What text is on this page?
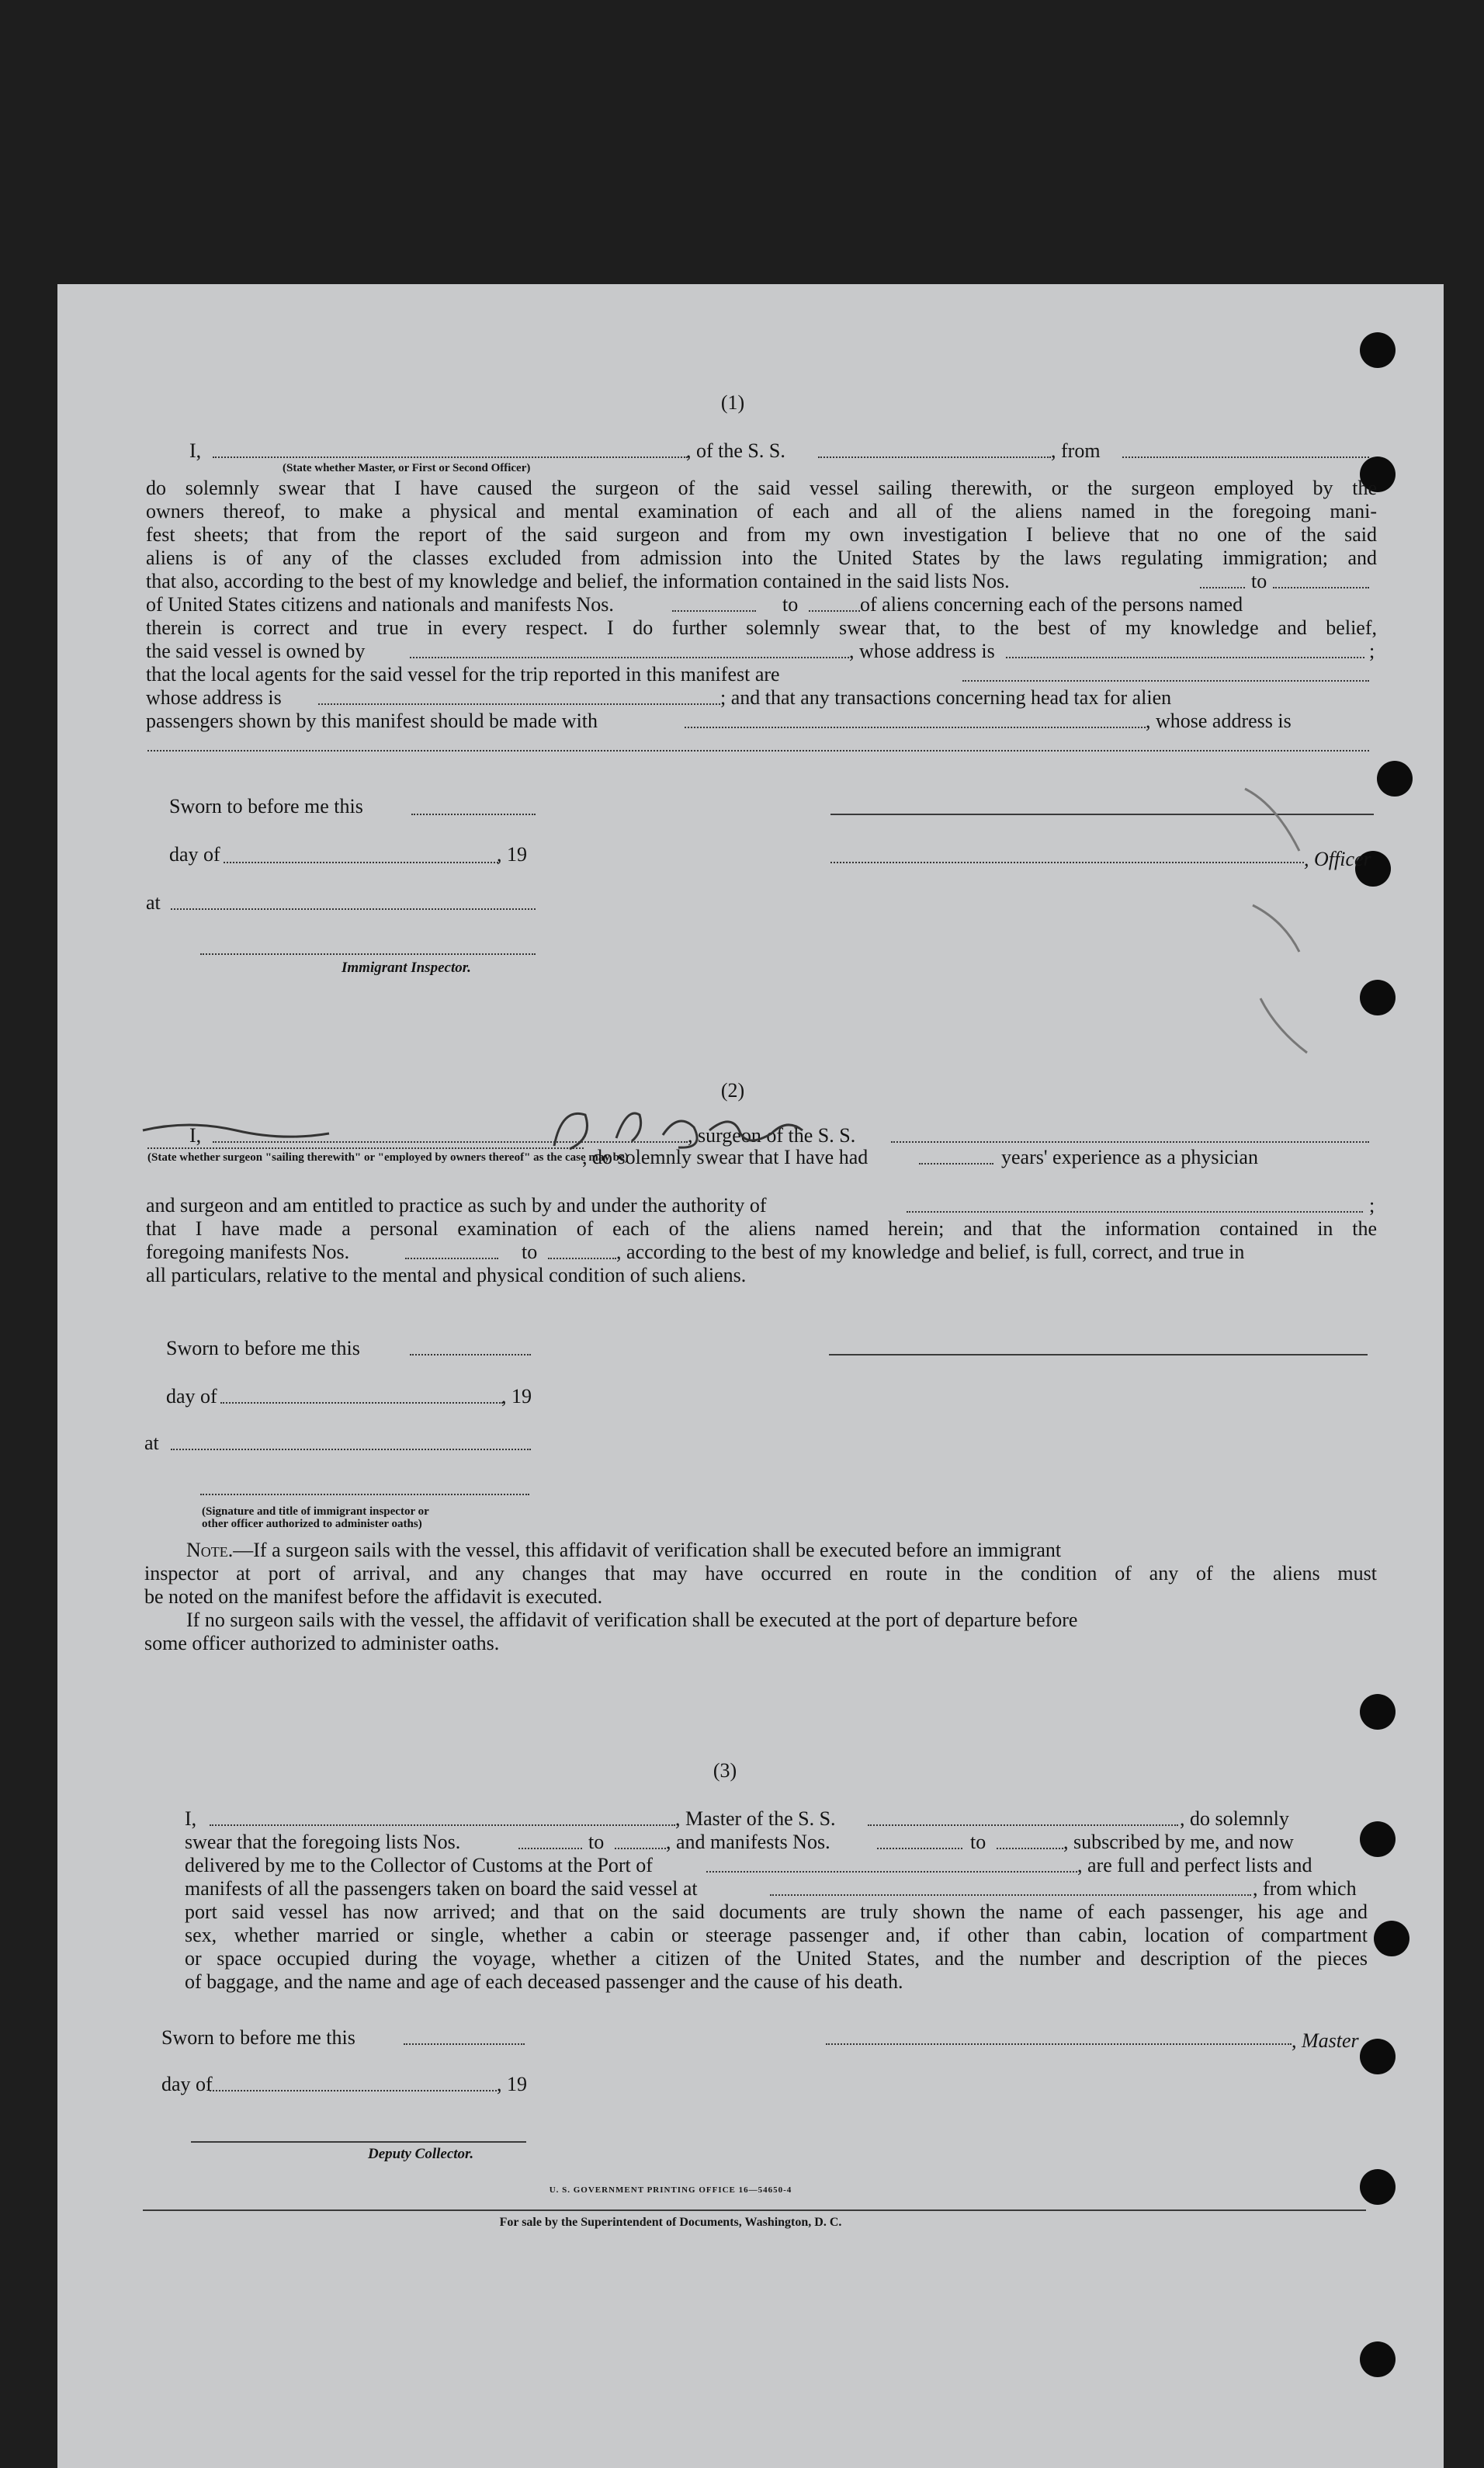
(1)
I,
(State whether Master, or First or Second Officer)
, of the S. S.	, from
do solemnly swear that I have caused the surgeon of the said vessel sailing therewith, or the surgeon employed by the
owners thereof, to make a physical and mental examination of each and all of the aliens named in the foregoing mani-
fest sheets; that from the report of the said surgeon and from my own investigation I believe that no one of the said
aliens is of any of the classes excluded from admission into the United States by the laws regulating immigration; and
that also, according to the best of my knowledge and belief, the information contained in the said lists Nos.	to
of United States citizens and nationals and manifests Nos.	to	of aliens concerning each of the persons named
therein is correct and true in every respect. I do further solemnly swear that, to the best of my knowledge and belief,
the said vessel is owned by	, whose address is	;
that the local agents for the said vessel for the trip reported in this manifest are
whose address is	; and that any transactions concerning head tax for alien
passengers shown by this manifest should be made with	, whose address is
Sworn to before me this
day of	, 19	, Officer
at
Immigrant Inspector.
(2)
I,	, surgeon of the S. S.
(State whether surgeon "sailing therewith" or "employed by owners thereof" as the case may be)
, do solemnly swear that I have had	years' experience as a physician
and surgeon and am entitled to practice as such by and under the authority of	;
that I have made a personal examination of each of the aliens named herein; and that the information contained in the
foregoing manifests Nos.	to	, according to the best of my knowledge and belief, is full, correct, and true in
all particulars, relative to the mental and physical condition of such aliens.
Sworn to before me this
day of	, 19
at
(Signature and title of immigrant inspector or
other officer authorized to administer oaths)
Note.—If a surgeon sails with the vessel, this affidavit of verification shall be executed before an immigrant
inspector at port of arrival, and any changes that may have occurred en route in the condition of any of the aliens must
be noted on the manifest before the affidavit is executed.
If no surgeon sails with the vessel, the affidavit of verification shall be executed at the port of departure before
some officer authorized to administer oaths.
(3)
I,	, Master of the S. S.	, do solemnly
swear that the foregoing lists Nos.	to	, and manifests Nos.	to	, subscribed by me, and now
delivered by me to the Collector of Customs at the Port of	, are full and perfect lists and
manifests of all the passengers taken on board the said vessel at	, from which
port said vessel has now arrived; and that on the said documents are truly shown the name of each passenger, his age and
sex, whether married or single, whether a cabin or steerage passenger and, if other than cabin, location of compartment
or space occupied during the voyage, whether a citizen of the United States, and the number and description of the pieces
of baggage, and the name and age of each deceased passenger and the cause of his death.
Sworn to before me this	, Master
day of	, 19
Deputy Collector.
U. S. GOVERNMENT PRINTING OFFICE 16—54650-4
For sale by the Superintendent of Documents, Washington, D. C.
